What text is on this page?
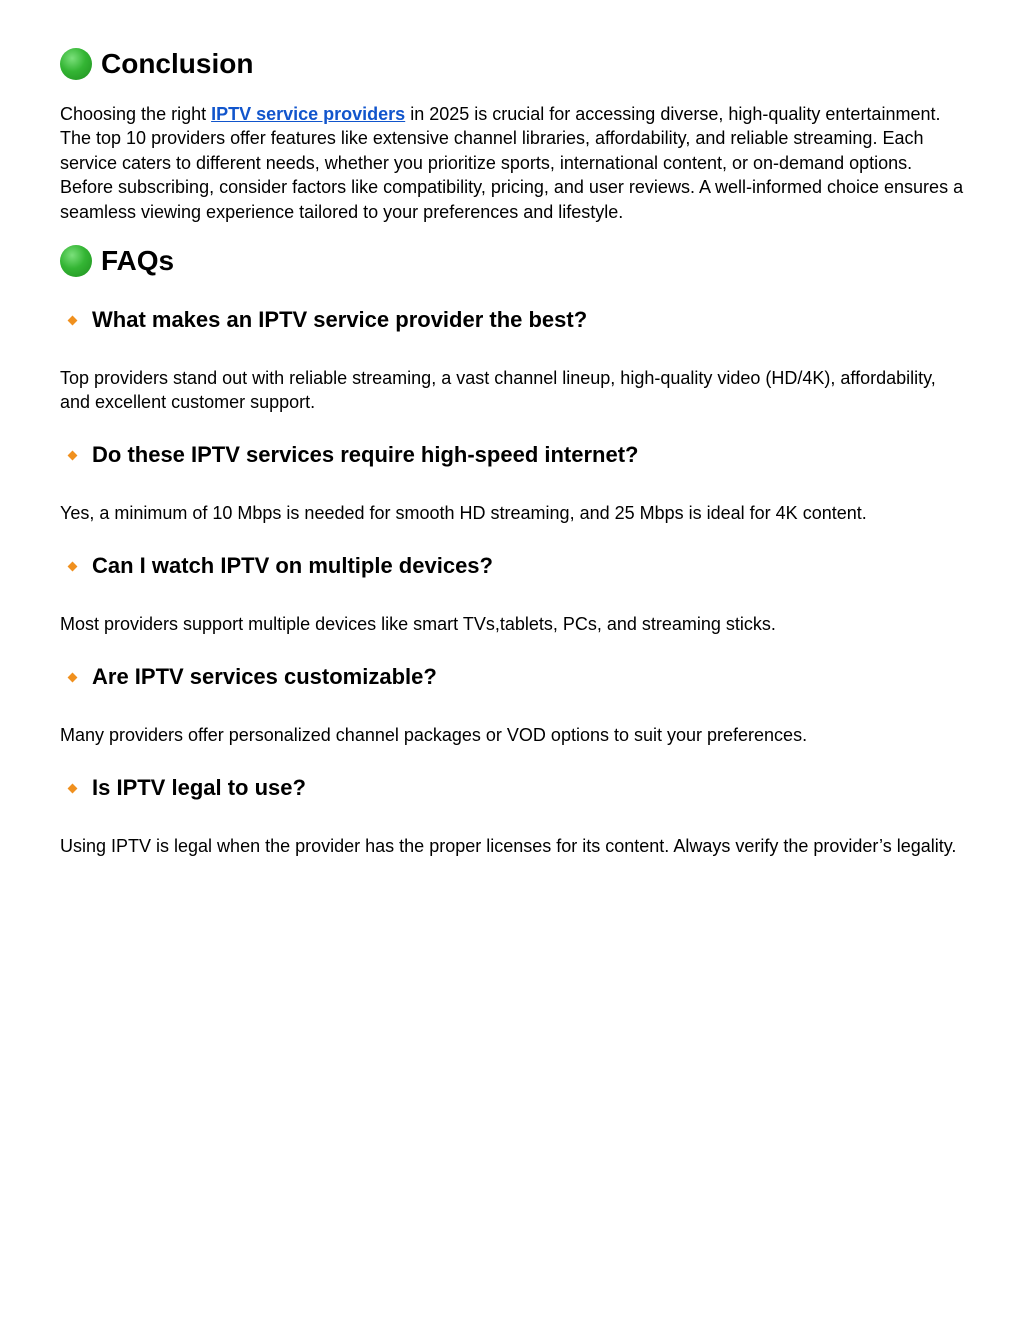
Conclusion

Choosing the right IPTV service providers in 2025 is crucial for accessing diverse, high-quality entertainment. The top 10 providers offer features like extensive channel libraries, affordability, and reliable streaming. Each service caters to different needs, whether you prioritize sports, international content, or on-demand options. Before subscribing, consider factors like compatibility, pricing, and user reviews. A well-informed choice ensures a seamless viewing experience tailored to your preferences and lifestyle.

FAQs
What makes an IPTV service provider the best?

Top providers stand out with reliable streaming, a vast channel lineup, high-quality video (HD/4K), affordability, and excellent customer support.

Do these IPTV services require high-speed internet?

Yes, a minimum of 10 Mbps is needed for smooth HD streaming, and 25 Mbps is ideal for 4K content.

Can I watch IPTV on multiple devices?

Most providers support multiple devices like smart TVs,tablets, PCs, and streaming sticks.

Are IPTV services customizable?

Many providers offer personalized channel packages or VOD options to suit your preferences.

Is IPTV legal to use?

Using IPTV is legal when the provider has the proper licenses for its content. Always verify the provider’s legality.
